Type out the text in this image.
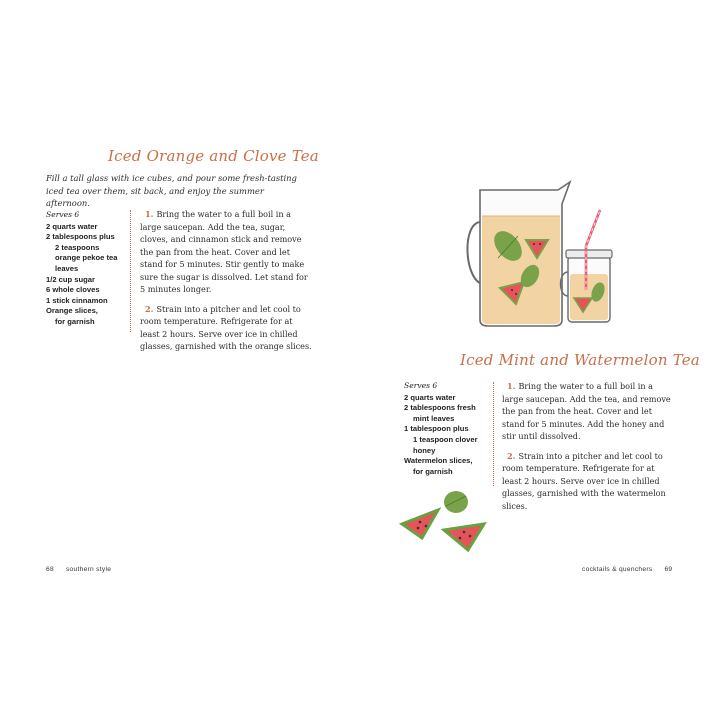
Iced Orange and Clove Tea
Fill a tall glass with ice cubes, and pour some fresh-tasting iced tea over them, sit back, and enjoy the summer afternoon.
Serves 6
2 quarts water
2 tablespoons plus
2 teaspoons orange pekoe tea leaves
1/2 cup sugar
6 whole cloves
1 stick cinnamon
Orange slices,
for garnish

1. Bring the water to a full boil in a large saucepan. Add the tea, sugar, cloves, and cinnamon stick and remove the pan from the heat. Cover and let stand for 5 minutes. Stir gently to make sure the sugar is dissolved. Let stand for 5 minutes longer.

2. Strain into a pitcher and let cool to room temperature. Refrigerate for at least 2 hours. Serve over ice in chilled glasses, garnished with the orange slices.

68 southern style
Iced Mint and Watermelon Tea
Serves 6
2 quarts water
2 tablespoons fresh
mint leaves
1 tablespoon plus
1 teaspoon clover honey
Watermelon slices,
for garnish

1. Bring the water to a full boil in a large saucepan. Add the tea, and remove the pan from the heat. Cover and let stand for 5 minutes. Add the honey and stir until dissolved.

2. Strain into a pitcher and let cool to room temperature. Refrigerate for at least 2 hours. Serve over ice in chilled glasses, garnished with the watermelon slices.

cocktails & quenchers 69
